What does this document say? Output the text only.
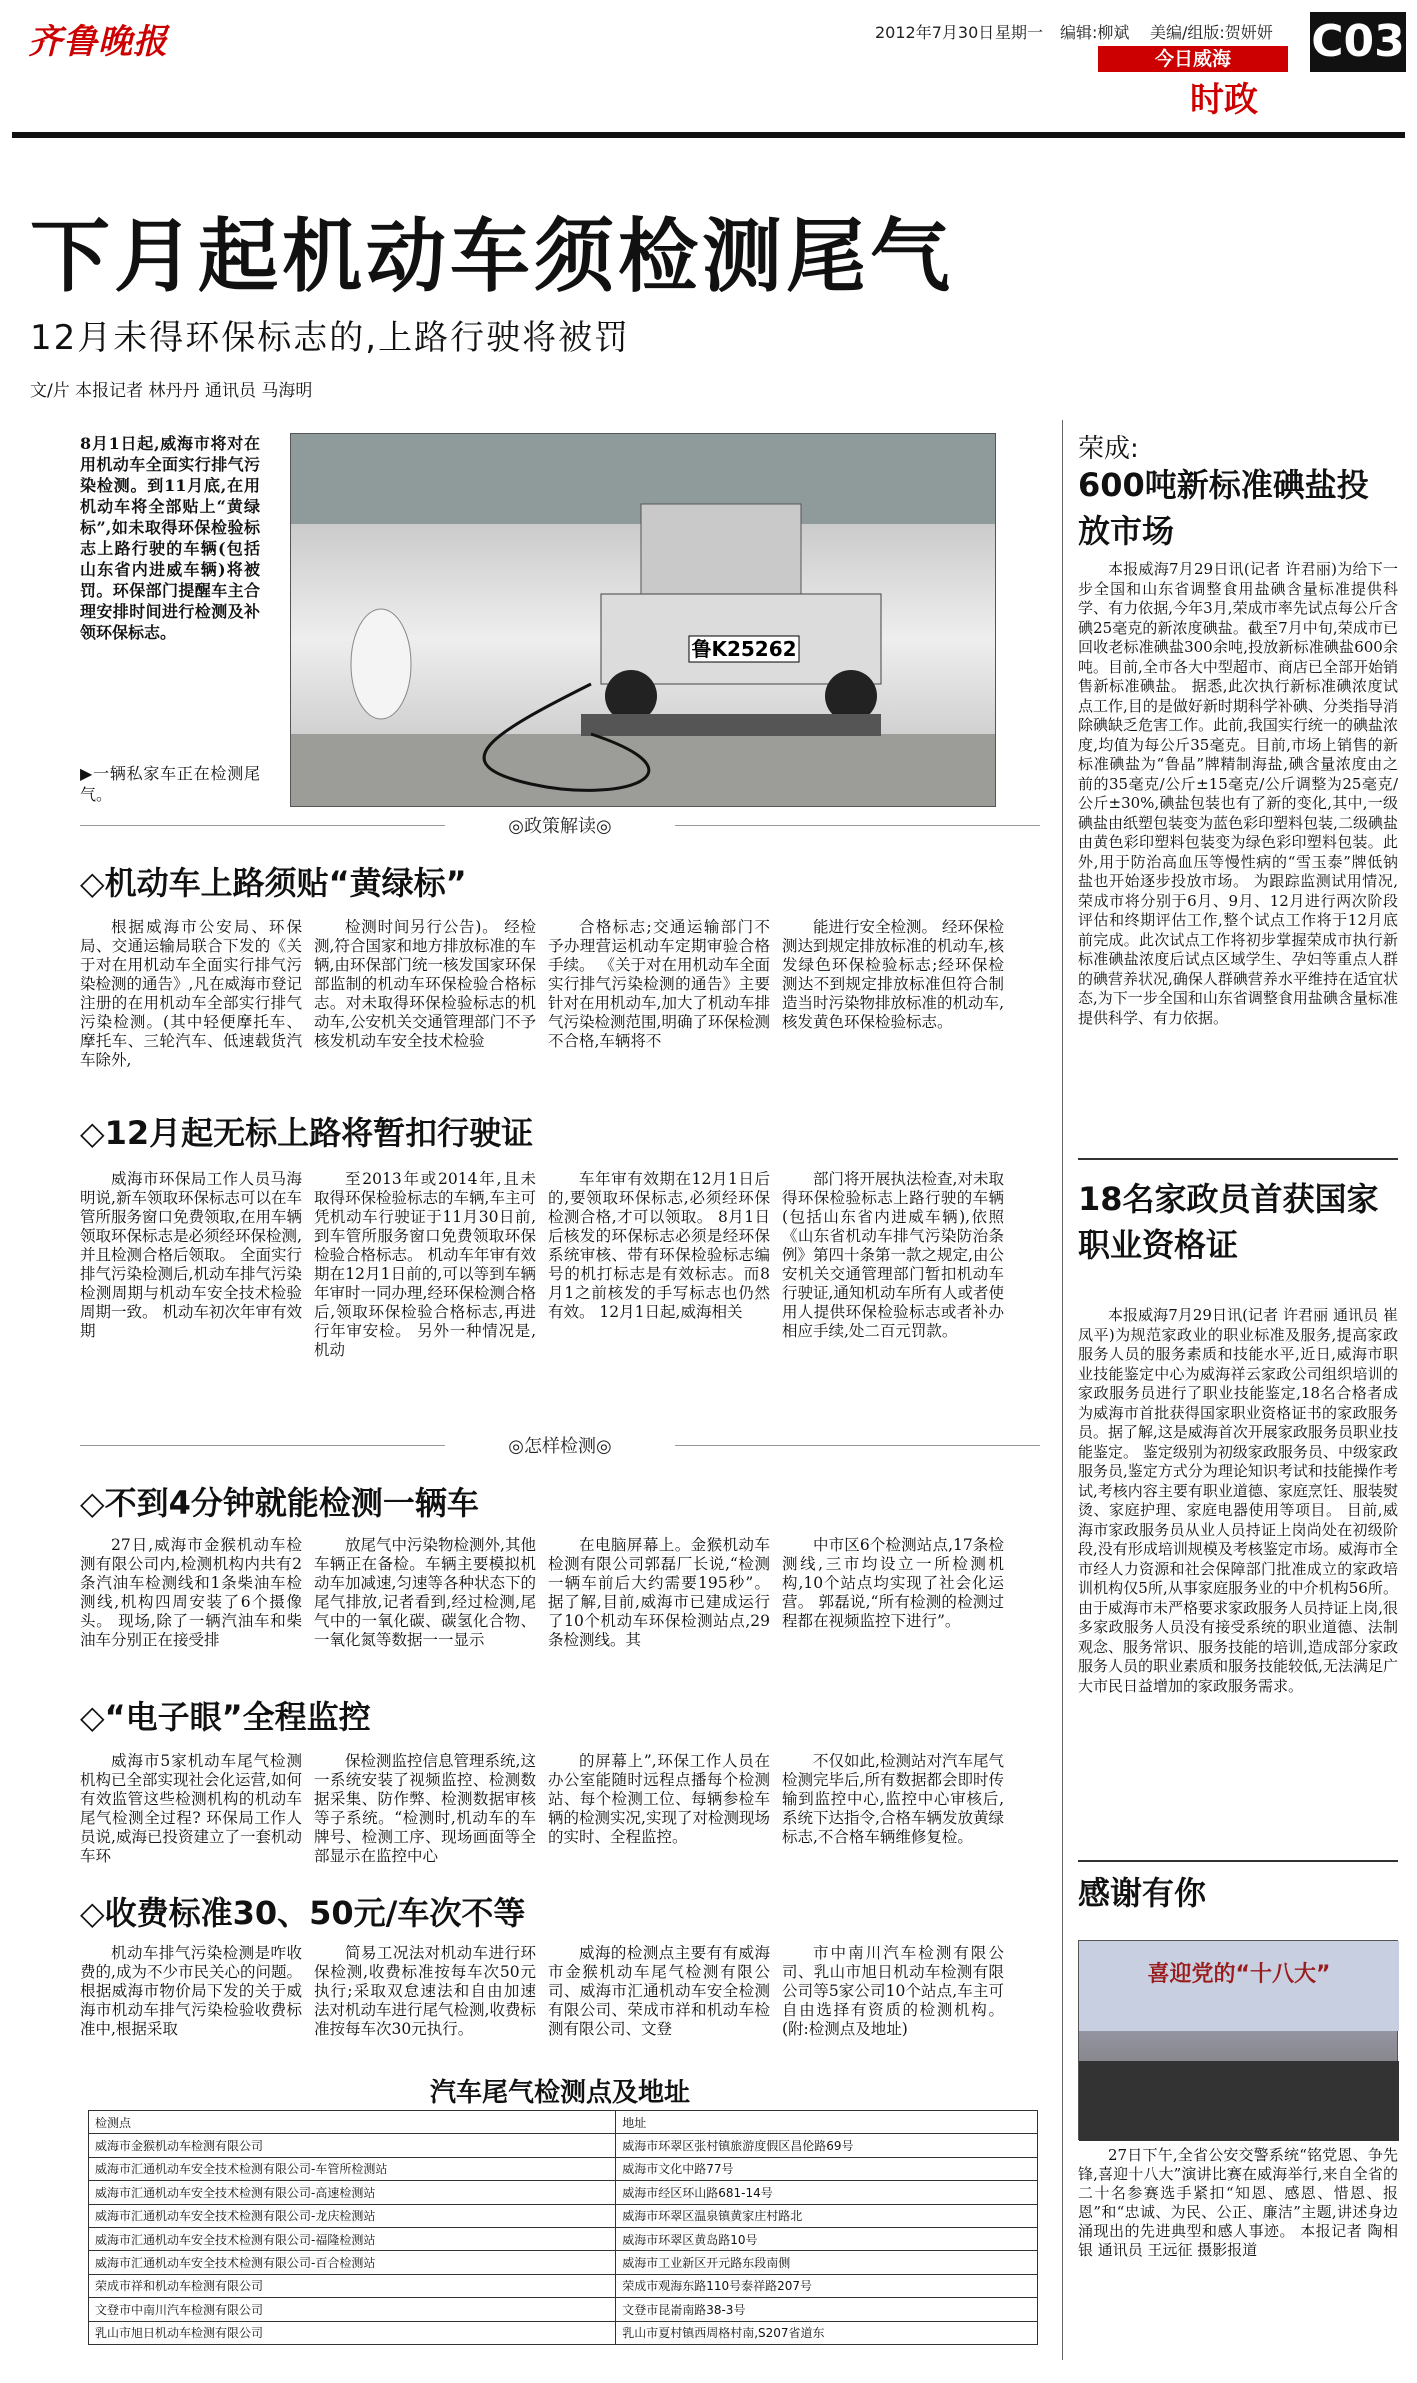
齐鲁晚报	2012年7月30日 星期一 编辑:柳斌 美编/组版:贺妍妍
今日威海
时政
C03
下月起机动车须检测尾气
12月未得环保标志的,上路行驶将被罚
文/片 本报记者 林丹丹 通讯员 马海明
8月1日起,威海市将对在用机动车全面实行排气污染检测。到11月底,在用机动车将全部贴上“黄绿标”,如未取得环保检验标志上路行驶的车辆(包括山东省内进威车辆)将被罚。环保部门提醒车主合理安排时间进行检测及补领环保标志。
▶一辆私家车正在检测尾气。
鲁K25262
◎政策解读◎
◇机动车上路须贴“黄绿标”
根据威海市公安局、环保局、交通运输局联合下发的《关于对在用机动车全面实行排气污染检测的通告》,凡在威海市登记注册的在用机动车全部实行排气污染检测。(其中轻便摩托车、摩托车、三轮汽车、低速载货汽车除外,
检测时间另行公告)。 经检测,符合国家和地方排放标准的车辆,由环保部门统一核发国家环保部监制的机动车环保检验合格标志。对未取得环保检验标志的机动车,公安机关交通管理部门不予核发机动车安全技术检验
合格标志;交通运输部门不予办理营运机动车定期审验合格手续。 《关于对在用机动车全面实行排气污染检测的通告》主要针对在用机动车,加大了机动车排气污染检测范围,明确了环保检测不合格,车辆将不
能进行安全检测。 经环保检测达到规定排放标准的机动车,核发绿色环保检验标志;经环保检测达不到规定排放标准但符合制造当时污染物排放标准的机动车,核发黄色环保检验标志。
◇12月起无标上路将暂扣行驶证
威海市环保局工作人员马海明说,新车领取环保标志可以在车管所服务窗口免费领取,在用车辆领取环保标志是必须经环保检测,并且检测合格后领取。 全面实行排气污染检测后,机动车排气污染检测周期与机动车安全技术检验周期一致。 机动车初次年审有效期
至2013年或2014年,且未取得环保检验标志的车辆,车主可凭机动车行驶证于11月30日前,到车管所服务窗口免费领取环保检验合格标志。 机动车年审有效期在12月1日前的,可以等到车辆年审时一同办理,经环保检测合格后,领取环保检验合格标志,再进行年审安检。 另外一种情况是,机动
车年审有效期在12月1日后的,要领取环保标志,必须经环保检测合格,才可以领取。 8月1日后核发的环保标志必须是经环保系统审核、带有环保检验标志编号的机打标志是有效标志。而8月1之前核发的手写标志也仍然有效。 12月1日起,威海相关
部门将开展执法检查,对未取得环保检验标志上路行驶的车辆(包括山东省内进威车辆),依照《山东省机动车排气污染防治条例》第四十条第一款之规定,由公安机关交通管理部门暂扣机动车行驶证,通知机动车所有人或者使用人提供环保检验标志或者补办相应手续,处二百元罚款。
◎怎样检测◎
◇不到4分钟就能检测一辆车
27日,威海市金猴机动车检测有限公司内,检测机构内共有2条汽油车检测线和1条柴油车检测线,机构四周安装了6个摄像头。 现场,除了一辆汽油车和柴油车分别正在接受排
放尾气中污染物检测外,其他车辆正在备检。车辆主要模拟机动车加减速,匀速等各种状态下的尾气排放,记者看到,经过检测,尾气中的一氧化碳、碳氢化合物、一氧化氮等数据一一显示
在电脑屏幕上。金猴机动车检测有限公司郭磊厂长说,“检测一辆车前后大约需要195秒”。 据了解,目前,威海市已建成运行了10个机动车环保检测站点,29条检测线。其
中市区6个检测站点,17条检测线,三市均设立一所检测机构,10个站点均实现了社会化运营。 郭磊说,“所有检测的检测过程都在视频监控下进行”。
◇“电子眼”全程监控
威海市5家机动车尾气检测机构已全部实现社会化运营,如何有效监管这些检测机构的机动车尾气检测全过程? 环保局工作人员说,威海已投资建立了一套机动车环
保检测监控信息管理系统,这一系统安装了视频监控、检测数据采集、防作弊、检测数据审核等子系统。“检测时,机动车的车牌号、检测工序、现场画面等全部显示在监控中心
的屏幕上”,环保工作人员在办公室能随时远程点播每个检测站、每个检测工位、每辆参检车辆的检测实况,实现了对检测现场的实时、全程监控。
不仅如此,检测站对汽车尾气检测完毕后,所有数据都会即时传输到监控中心,监控中心审核后,系统下达指令,合格车辆发放黄绿标志,不合格车辆维修复检。
◇收费标准30、50元/车次不等
机动车排气污染检测是咋收费的,成为不少市民关心的问题。根据威海市物价局下发的关于威海市机动车排气污染检验收费标准中,根据采取
简易工况法对机动车进行环保检测,收费标准按每车次50元执行;采取双怠速法和自由加速法对机动车进行尾气检测,收费标准按每车次30元执行。
威海的检测点主要有有威海市金猴机动车尾气检测有限公司、威海市汇通机动车安全检测有限公司、荣成市祥和机动车检测有限公司、文登
市中南川汽车检测有限公司、乳山市旭日机动车检测有限公司等5家公司10个站点,车主可自由选择有资质的检测机构。(附:检测点及地址)
汽车尾气检测点及地址
检测点	地址
威海市金猴机动车检测有限公司	威海市环翠区张村镇旅游度假区昌伦路69号
威海市汇通机动车安全技术检测有限公司-车管所检测站	威海市文化中路77号
威海市汇通机动车安全技术检测有限公司-高速检测站	威海市经区环山路681-14号
威海市汇通机动车安全技术检测有限公司-龙庆检测站	威海市环翠区温泉镇黄家庄村路北
威海市汇通机动车安全技术检测有限公司-福隆检测站	威海市环翠区黄岛路10号
威海市汇通机动车安全技术检测有限公司-百合检测站	威海市工业新区开元路东段南侧
荣成市祥和机动车检测有限公司	荣成市观海东路110号泰祥路207号
文登市中南川汽车检测有限公司	文登市昆嵛南路38-3号
乳山市旭日机动车检测有限公司	乳山市夏村镇西周格村南,S207省道东
荣成:
600吨新标准碘盐投放市场
本报威海7月29日讯(记者 许君丽)为给下一步全国和山东省调整食用盐碘含量标准提供科学、有力依据,今年3月,荣成市率先试点每公斤含碘25毫克的新浓度碘盐。截至7月中旬,荣成市已回收老标准碘盐300余吨,投放新标准碘盐600余吨。目前,全市各大中型超市、商店已全部开始销售新标准碘盐。 据悉,此次执行新标准碘浓度试点工作,目的是做好新时期科学补碘、分类指导消除碘缺乏危害工作。此前,我国实行统一的碘盐浓度,均值为每公斤35毫克。目前,市场上销售的新标准碘盐为“鲁晶”牌精制海盐,碘含量浓度由之前的35毫克/公斤±15毫克/公斤调整为25毫克/公斤±30%,碘盐包装也有了新的变化,其中,一级碘盐由纸塑包装变为蓝色彩印塑料包装,二级碘盐由黄色彩印塑料包装变为绿色彩印塑料包装。此外,用于防治高血压等慢性病的“雪玉泰”牌低钠盐也开始逐步投放市场。 为跟踪监测试用情况,荣成市将分别于6月、9月、12月进行两次阶段评估和终期评估工作,整个试点工作将于12月底前完成。此次试点工作将初步掌握荣成市执行新标准碘盐浓度后试点区域学生、孕妇等重点人群的碘营养状况,确保人群碘营养水平维持在适宜状态,为下一步全国和山东省调整食用盐碘含量标准提供科学、有力依据。
18名家政员首获国家职业资格证
本报威海7月29日讯(记者 许君丽 通讯员 崔凤平)为规范家政业的职业标准及服务,提高家政服务人员的服务素质和技能水平,近日,威海市职业技能鉴定中心为威海祥云家政公司组织培训的家政服务员进行了职业技能鉴定,18名合格者成为威海市首批获得国家职业资格证书的家政服务员。据了解,这是威海首次开展家政服务员职业技能鉴定。 鉴定级别为初级家政服务员、中级家政服务员,鉴定方式分为理论知识考试和技能操作考试,考核内容主要有职业道德、家庭烹饪、服装熨烫、家庭护理、家庭电器使用等项目。 目前,威海市家政服务员从业人员持证上岗尚处在初级阶段,没有形成培训规模及考核鉴定市场。威海市全市经人力资源和社会保障部门批准成立的家政培训机构仅5所,从事家庭服务业的中介机构56所。由于威海市未严格要求家政服务人员持证上岗,很多家政服务人员没有接受系统的职业道德、法制观念、服务常识、服务技能的培训,造成部分家政服务人员的职业素质和服务技能较低,无法满足广大市民日益增加的家政服务需求。
感谢有你
喜迎党的“十八大”
27日下午,全省公安交警系统“铭党恩、争先锋,喜迎十八大”演讲比赛在威海举行,来自全省的二十名参赛选手紧扣“知恩、感恩、惜恩、报恩”和“忠诚、为民、公正、廉洁”主题,讲述身边涌现出的先进典型和感人事迹。 本报记者 陶相银 通讯员 王远征 摄影报道
